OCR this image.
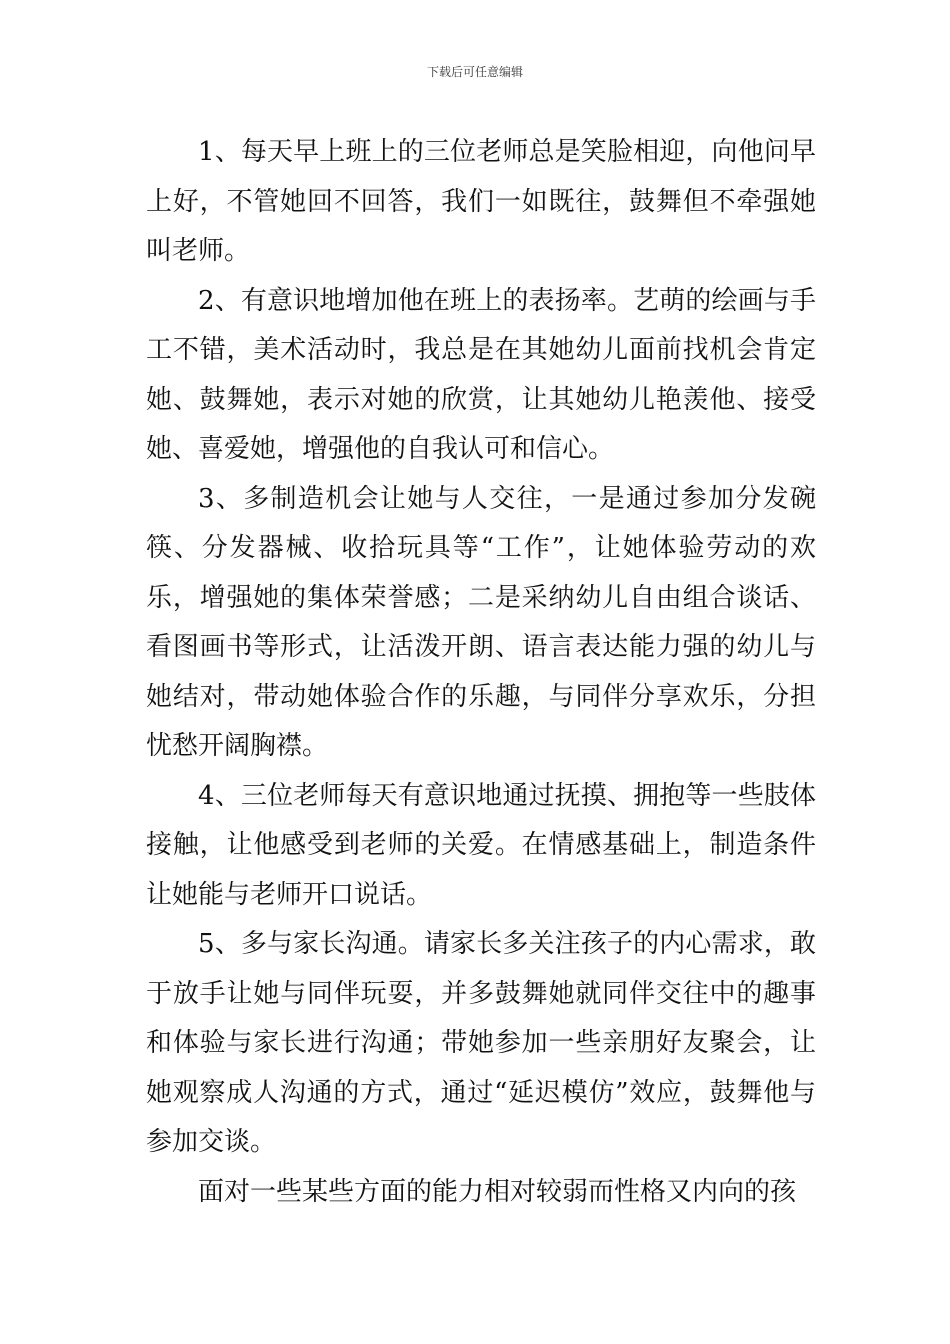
下载后可任意编辑

1、每天早上班上的三位老师总是笑脸相迎，向他问早上好，不管她回不回答，我们一如既往，鼓舞但不牵强她叫老师。

2、有意识地增加他在班上的表扬率。艺萌的绘画与手工不错，美术活动时，我总是在其她幼儿面前找机会肯定她、鼓舞她，表示对她的欣赏，让其她幼儿艳羡他、接受她、喜爱她，增强他的自我认可和信心。

3、多制造机会让她与人交往，一是通过参加分发碗筷、分发器械、收拾玩具等“工作”，让她体验劳动的欢乐，增强她的集体荣誉感；二是采纳幼儿自由组合谈话、看图画书等形式，让活泼开朗、语言表达能力强的幼儿与她结对，带动她体验合作的乐趣，与同伴分享欢乐，分担忧愁开阔胸襟。

4、三位老师每天有意识地通过抚摸、拥抱等一些肢体接触，让他感受到老师的关爱。在情感基础上，制造条件让她能与老师开口说话。

5、多与家长沟通。请家长多关注孩子的内心需求，敢于放手让她与同伴玩耍，并多鼓舞她就同伴交往中的趣事和体验与家长进行沟通；带她参加一些亲朋好友聚会，让她观察成人沟通的方式，通过“延迟模仿”效应，鼓舞他与参加交谈。

面对一些某些方面的能力相对较弱而性格又内向的孩
